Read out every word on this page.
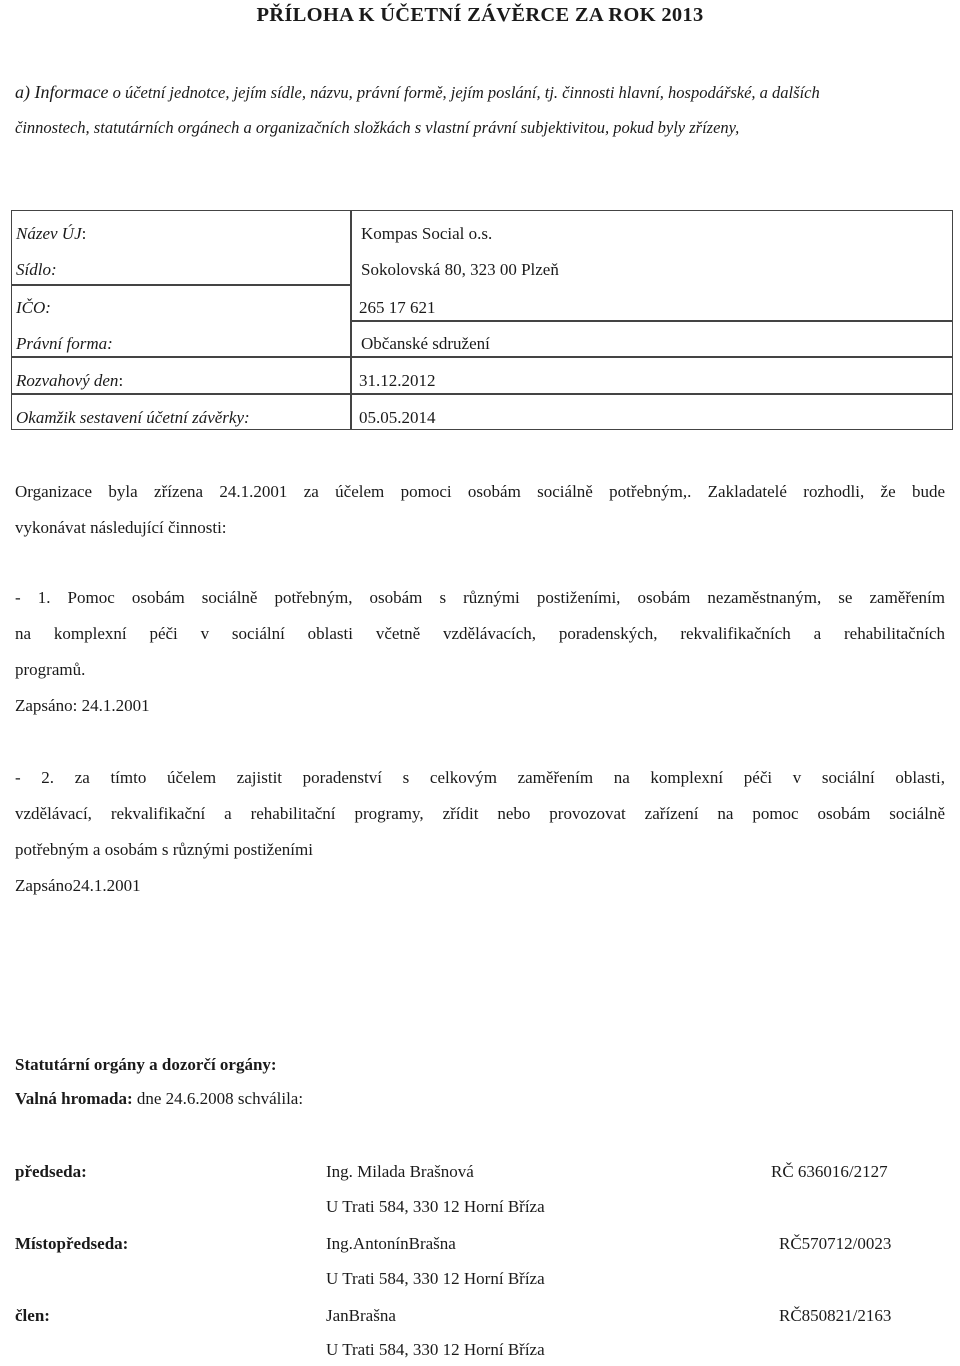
PŘÍLOHA K ÚČETNÍ ZÁVĚRCE ZA ROK 2013
a) Informace o účetní jednotce, jejím sídle, názvu, právní formě, jejím poslání, tj. činnosti hlavní, hospodářské, a dalších
činnostech, statutárních orgánech a organizačních složkách s vlastní právní subjektivitou, pokud byly zřízeny,
Název ÚJ:	Kompas Social o.s.
Sídlo:	Sokolovská 80, 323 00 Plzeň
IČO:	265 17 621
Právní forma:	Občanské sdružení
Rozvahový den:	31.12.2012
Okamžik sestavení účetní závěrky:	05.05.2014
Organizace byla zřízena 24.1.2001 za účelem pomoci osobám sociálně potřebným,. Zakladatelé rozhodli, že bude
vykonávat následující činnosti:
- 1. Pomoc osobám sociálně potřebným, osobám s různými postiženími, osobám nezaměstnaným, se zaměřením
na komplexní péči v sociální oblasti včetně vzdělávacích, poradenských, rekvalifikačních a rehabilitačních
programů.
Zapsáno: 24.1.2001
- 2. za tímto účelem zajistit poradenství s celkovým zaměřením na komplexní péči v sociální oblasti,
vzdělávací, rekvalifikační a rehabilitační programy, zřídit nebo provozovat zařízení na pomoc osobám sociálně
potřebným a osobám s různými postiženími
Zapsáno24.1.2001
Statutární orgány a dozorčí orgány:
Valná hromada: dne 24.6.2008 schválila:
předseda:	Ing. Milada Brašnová	RČ 636016/2127
U Trati 584, 330 12 Horní Bříza
Místopředseda:	Ing.AntonínBrašna	RČ570712/0023
U Trati 584, 330 12 Horní Bříza
člen:	JanBrašna	RČ850821/2163
U Trati 584, 330 12 Horní Bříza
